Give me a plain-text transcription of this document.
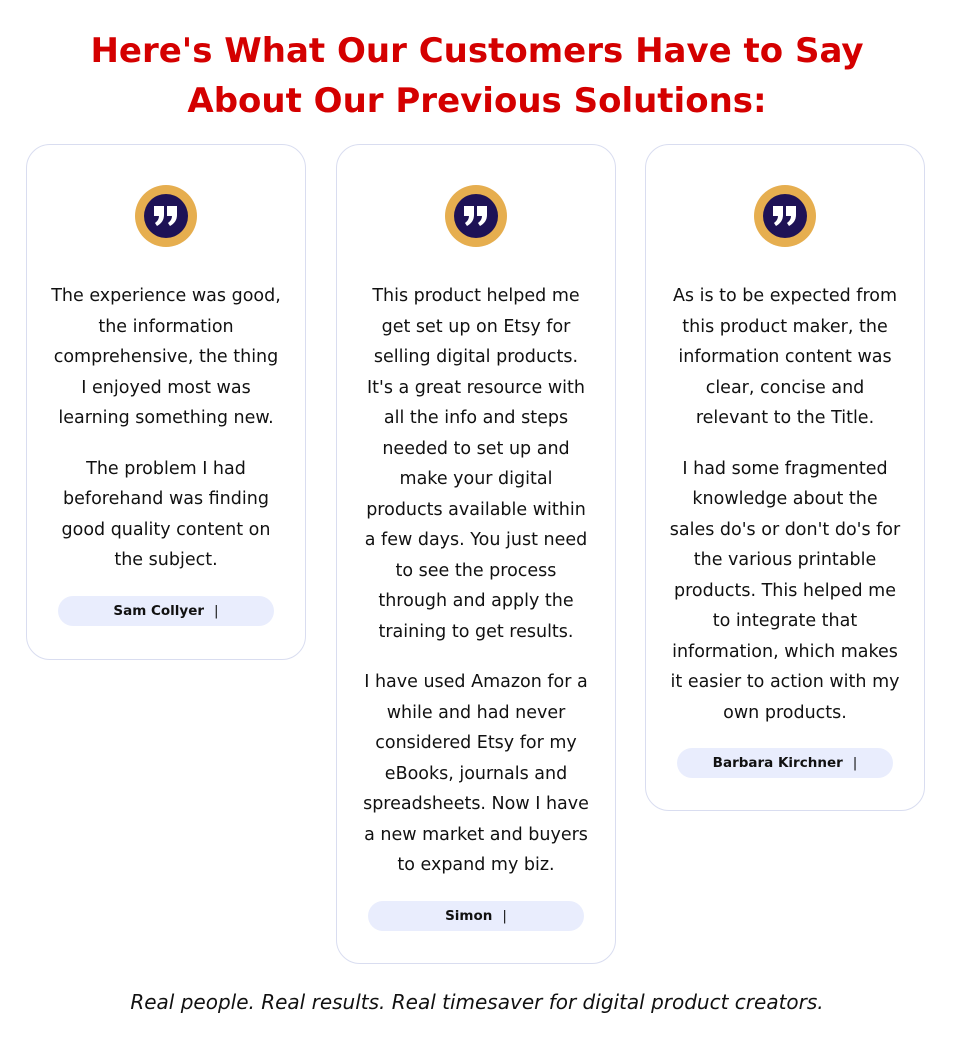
Here's What Our Customers Have to Say
About Our Previous Solutions:

The experience was good, the information comprehensive, the thing I enjoyed most was learning something new.

The problem I had beforehand was finding good quality content on the subject.

Sam Collyer |

This product helped me get set up on Etsy for selling digital products. It's a great resource with all the info and steps needed to set up and make your digital products available within a few days. You just need to see the process through and apply the training to get results.

I have used Amazon for a while and had never considered Etsy for my eBooks, journals and spreadsheets. Now I have a new market and buyers to expand my biz.

Simon |

As is to be expected from this product maker, the information content was clear, concise and relevant to the Title.

I had some fragmented knowledge about the sales do's or don't do's for the various printable products. This helped me to integrate that information, which makes it easier to action with my own products.

Barbara Kirchner |
Real people. Real results. Real timesaver for digital product creators.
